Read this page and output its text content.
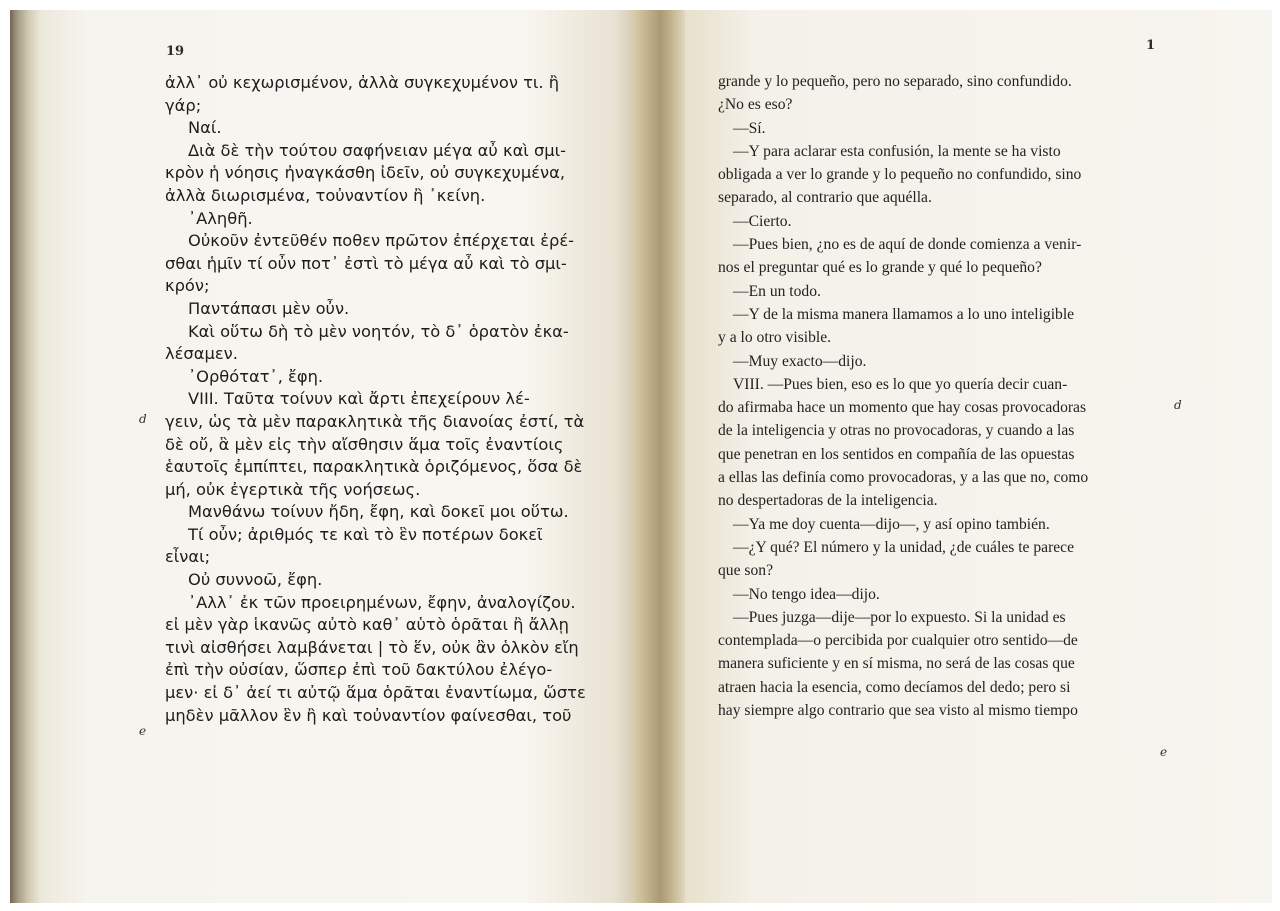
19	1
d
e
d
e
ἀλλ᾽ οὐ κεχωρισμένον, ἀλλὰ συγκεχυμένον τι. ἢ
γάρ;
Ναί.
Διὰ δὲ τὴν τούτου σαφήνειαν μέγα αὖ καὶ σμι-
κρὸν ἡ νόησις ἠναγκάσθη ἰδεῖν, οὐ συγκεχυμένα,
ἀλλὰ διωρισμένα, τοὐναντίον ἢ ᾽κείνη.
᾽Αληθῆ.
Οὐκοῦν ἐντεῦθέν ποθεν πρῶτον ἐπέρχεται ἐρέ-
σθαι ἡμῖν τί οὖν ποτ᾽ ἐστὶ τὸ μέγα αὖ καὶ τὸ σμι-
κρόν;
Παντάπασι μὲν οὖν.
Καὶ οὕτω δὴ τὸ μὲν νοητόν, τὸ δ᾽ ὁρατὸν ἐκα-
λέσαμεν.
᾽Ορθότατ᾽, ἔφη.
VIII. Ταῦτα τοίνυν καὶ ἄρτι ἐπεχείρουν λέ-
γειν, ὡς τὰ μὲν παρακλητικὰ τῆς διανοίας ἐστί, τὰ
δὲ οὔ, ἃ μὲν εἰς τὴν αἴσθησιν ἅμα τοῖς ἐναντίοις
ἑαυτοῖς ἐμπίπτει, παρακλητικὰ ὁριζόμενος, ὅσα δὲ
μή, οὐκ ἐγερτικὰ τῆς νοήσεως.
Μανθάνω τοίνυν ἤδη, ἔφη, καὶ δοκεῖ μοι οὕτω.
Τί οὖν; ἀριθμός τε καὶ τὸ ἓν ποτέρων δοκεῖ
εἶναι;
Οὐ συννοῶ, ἔφη.
᾽Αλλ᾽ ἐκ τῶν προειρημένων, ἔφην, ἀναλογίζου.
εἰ μὲν γὰρ ἱκανῶς αὐτὸ καθ᾽ αὑτὸ ὁρᾶται ἢ ἄλλῃ
τινὶ αἰσθήσει λαμβάνεται | τὸ ἕν, οὐκ ἂν ὁλκὸν εἴη
ἐπὶ τὴν οὐσίαν, ὥσπερ ἐπὶ τοῦ δακτύλου ἐλέγο-
μεν· εἰ δ᾽ ἀεί τι αὐτῷ ἅμα ὁρᾶται ἐναντίωμα, ὥστε
μηδὲν μᾶλλον ἓν ἢ καὶ τοὐναντίον φαίνεσθαι, τοῦ
grande y lo pequeño, pero no separado, sino confundido.
¿No es eso?
—Sí.
—Y para aclarar esta confusión, la mente se ha visto
obligada a ver lo grande y lo pequeño no confundido, sino
separado, al contrario que aquélla.
—Cierto.
—Pues bien, ¿no es de aquí de donde comienza a venir-
nos el preguntar qué es lo grande y qué lo pequeño?
—En un todo.
—Y de la misma manera llamamos a lo uno inteligible
y a lo otro visible.
—Muy exacto—dijo.
VIII. —Pues bien, eso es lo que yo quería decir cuan-
do afirmaba hace un momento que hay cosas provocadoras
de la inteligencia y otras no provocadoras, y cuando a las
que penetran en los sentidos en compañía de las opuestas
a ellas las definía como provocadoras, y a las que no, como
no despertadoras de la inteligencia.
—Ya me doy cuenta—dijo—, y así opino también.
—¿Y qué? El número y la unidad, ¿de cuáles te parece
que son?
—No tengo idea—dijo.
—Pues juzga—dije—por lo expuesto. Si la unidad es
contemplada—o percibida por cualquier otro sentido—de
manera suficiente y en sí misma, no será de las cosas que
atraen hacia la esencia, como decíamos del dedo; pero si
hay siempre algo contrario que sea visto al mismo tiempo
